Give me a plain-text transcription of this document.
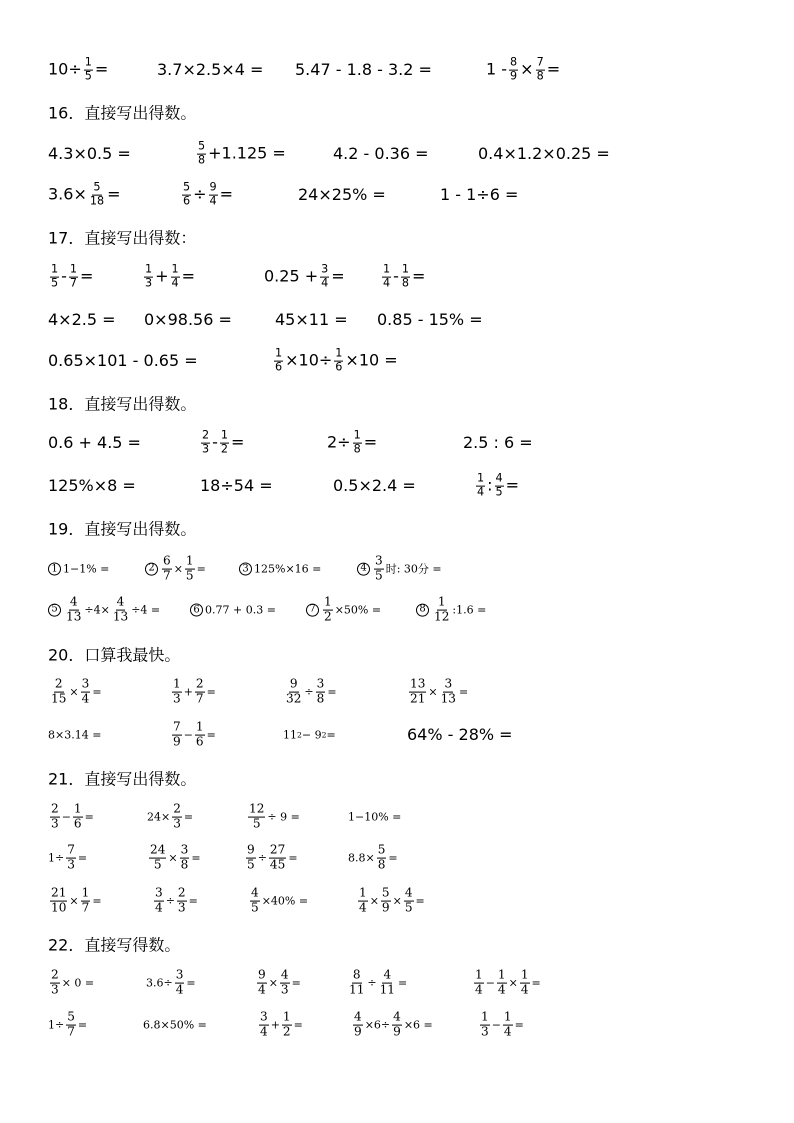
$10\div \frac{1}{5}$ =	3.7×2.5×4 = 5.47 - 1.8 - 3.2 =	$1 - \frac{8}{9} \times \frac{7}{8}$ =
16．直接写出得数。
4.3×0.5 =	$\frac{5}{8} +1.125$ =	4.2 - 0.36 =	0.4×1.2×0.25 =
$3.6\times \frac{5}{18}$ =	$\frac{5}{6} \div \frac{9}{4}$ =	24×25% =	1 - 1÷6 =
17．直接写出得数：
$\frac{1}{5} - \frac{1}{7}$ =	$\frac{1}{3} + \frac{1}{4}$ =	$0.25 + \frac{3}{4}$ =	$\frac{1}{4} - \frac{1}{8}$ =
4×2.5 = 0×98.56 =	45×11 = 0.85 - 15% =
0.65×101 - 0.65 =	$\frac{1}{6} \times 10\div \frac{1}{6} \times 10$ =
18．直接写出得数。
0.6 + 4.5 =	$\frac{2}{3} - \frac{1}{2}$ =	$2\div \frac{1}{8}$ =	2.5 : 6 =
125%×8 =	18÷54 =	0.5×2.4 =	$\frac{1}{4}$ : $\frac{4}{5}$ =
19．直接写出得数。
1 1−1% =	$2 \frac{6}{7} \times \frac{1}{5}$ =	3 125%×16 =	$4 \frac{3}{5}$ 时: 30分 =
$5 \frac{4}{13} \div 4\times \frac{4}{13} \div 4$ =	6 0.77 + 0.3 =	$7 \frac{1}{2} \times 50\%$ =	$8 \frac{1}{12}$ :1.6 =
20．口算我最快。
$\frac{2}{15} \times \frac{3}{4}$ =	$\frac{1}{3} + \frac{2}{7}$ =	$\frac{9}{32} \div \frac{3}{8}$ =	$\frac{13}{21} \times \frac{3}{13}$ =
8×3.14 =	$\frac{7}{9} - \frac{1}{6}$ =	11 2 − 9 2 =	64% - 28% =
21．直接写出得数。
$\frac{2}{3} - \frac{1}{6}$ =	$24\times \frac{2}{3}$ =	$\frac{12}{5} \div 9$ =	1−10% =
$1\div \frac{7}{3}$ =	$\frac{24}{5} \times \frac{3}{8}$ =	$\frac{9}{5} \div \frac{27}{45}$ =	$8.8\times \frac{5}{8}$ =
$\frac{21}{10} \times \frac{1}{7}$ =	$\frac{3}{4} \div \frac{2}{3}$ =	$\frac{4}{5} \times 40\%$ =	$\frac{1}{4} \times \frac{5}{9} \times \frac{4}{5}$ =
22．直接写得数。
$\frac{2}{3} \times 0$ =	$3.6\div \frac{3}{4}$ =	$\frac{9}{4} \times \frac{4}{3}$ =	$\frac{8}{11} \div \frac{4}{11}$ =	$\frac{1}{4} - \frac{1}{4} \times \frac{1}{4}$ =
$1\div \frac{5}{7}$ =	6.8×50% =	$\frac{3}{4} + \frac{1}{2}$ =	$\frac{4}{9} \times 6\div \frac{4}{9} \times 6$ =	$\frac{1}{3} - \frac{1}{4}$ =
